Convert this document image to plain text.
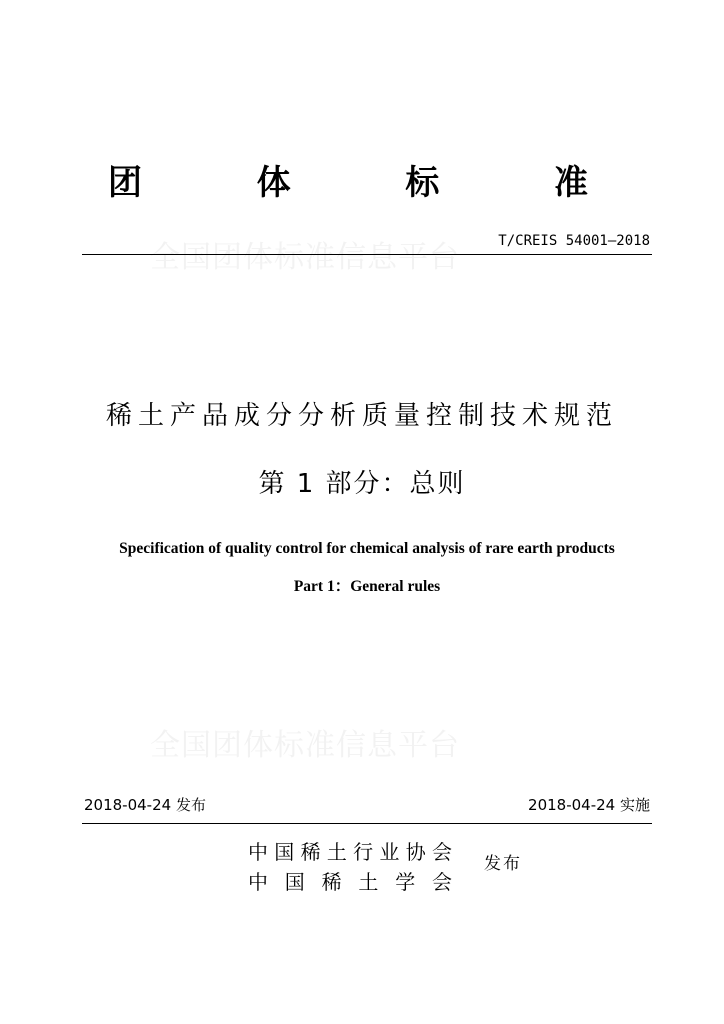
团	体	标	准
T/CREIS 54001—2018
全国团体标准信息平台
稀土产品成分分析质量控制技术规范
第 1 部分：总则
Specification of quality control for chemical analysis of rare earth products
Part 1：General rules
全国团体标准信息平台
2018-04-24 发布	2018-04-24 实施
中 国 稀 土 行 业 协 会
中 国 稀 土 学 会
发布
